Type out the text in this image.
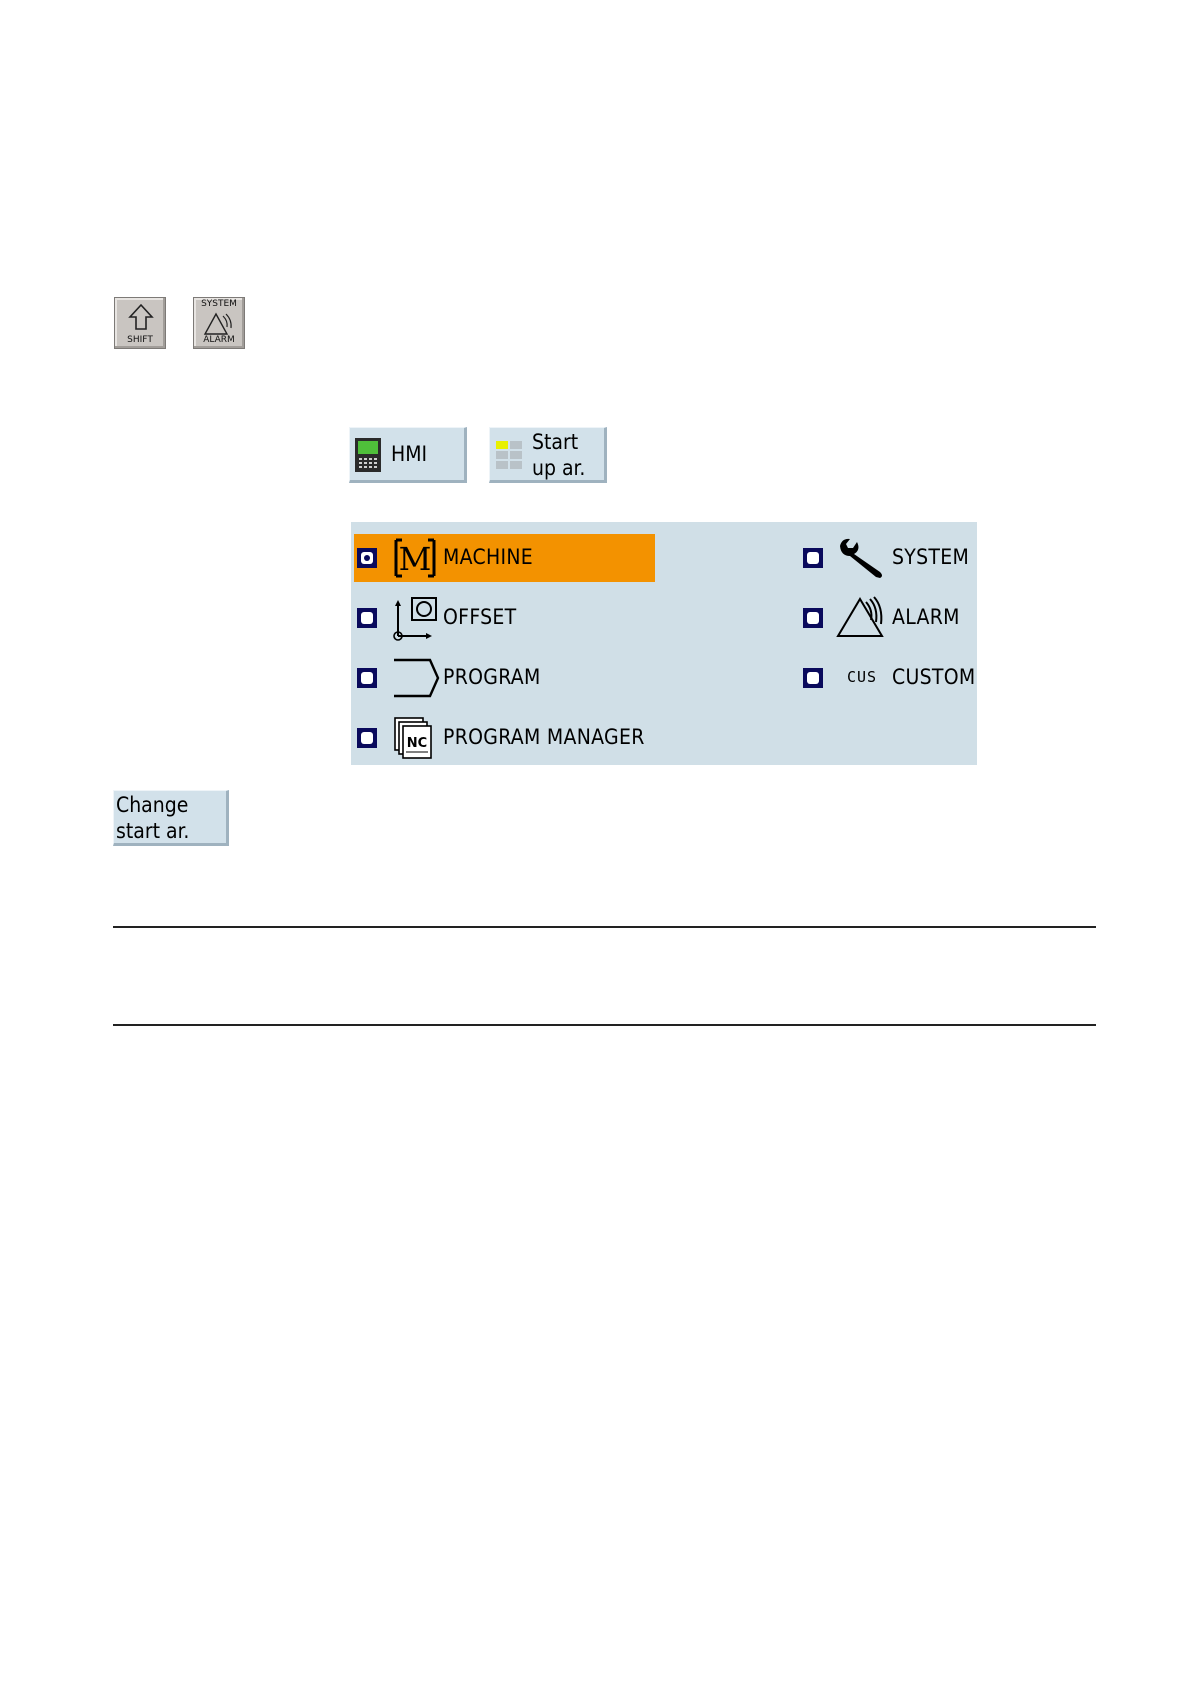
SHIFT
SYSTEM
ALARM
HMI	Start
up ar.
M MACHINE
OFFSET
PROGRAM
NC PROGRAM MANAGER
SYSTEM
ALARM
CUS CUSTOM
Change
start ar.
